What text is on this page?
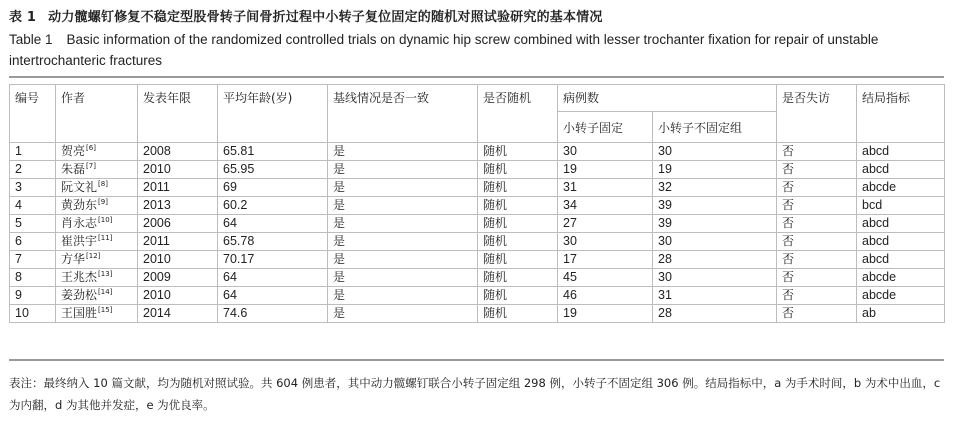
表 1 动力髋螺钉修复不稳定型股骨转子间骨折过程中小转子复位固定的随机对照试验研究的基本情况
Table 1 Basic information of the randomized controlled trials on dynamic hip screw combined with lesser trochanter fixation for repair of unstable intertrochanteric fractures
编号	作者	发表年限	平均年龄(岁)	基线情况是否一致	是否随机	病例数		是否失访	结局指标
						小转子固定	小转子不固定组		
1	贺亮[6]	2008	65.81	是	随机	30	30	否	abcd
2	朱磊[7]	2010	65.95	是	随机	19	19	否	abcd
3	阮文礼[8]	2011	69	是	随机	31	32	否	abcde
4	黄劲东[9]	2013	60.2	是	随机	34	39	否	bcd
5	肖永志[10]	2006	64	是	随机	27	39	否	abcd
6	崔洪宇[11]	2011	65.78	是	随机	30	30	否	abcd
7	方华[12]	2010	70.17	是	随机	17	28	否	abcd
8	王兆杰[13]	2009	64	是	随机	45	30	否	abcde
9	姜劲松[14]	2010	64	是	随机	46	31	否	abcde
10	王国胜[15]	2014	74.6	是	随机	19	28	否	ab
表注：最终纳入 10 篇文献，均为随机对照试验。共 604 例患者，其中动力髋螺钉联合小转子固定组 298 例，小转子不固定组 306 例。结局指标中，a 为手术时间，b 为术中出血，c 为内翻，d 为其他并发症，e 为优良率。
